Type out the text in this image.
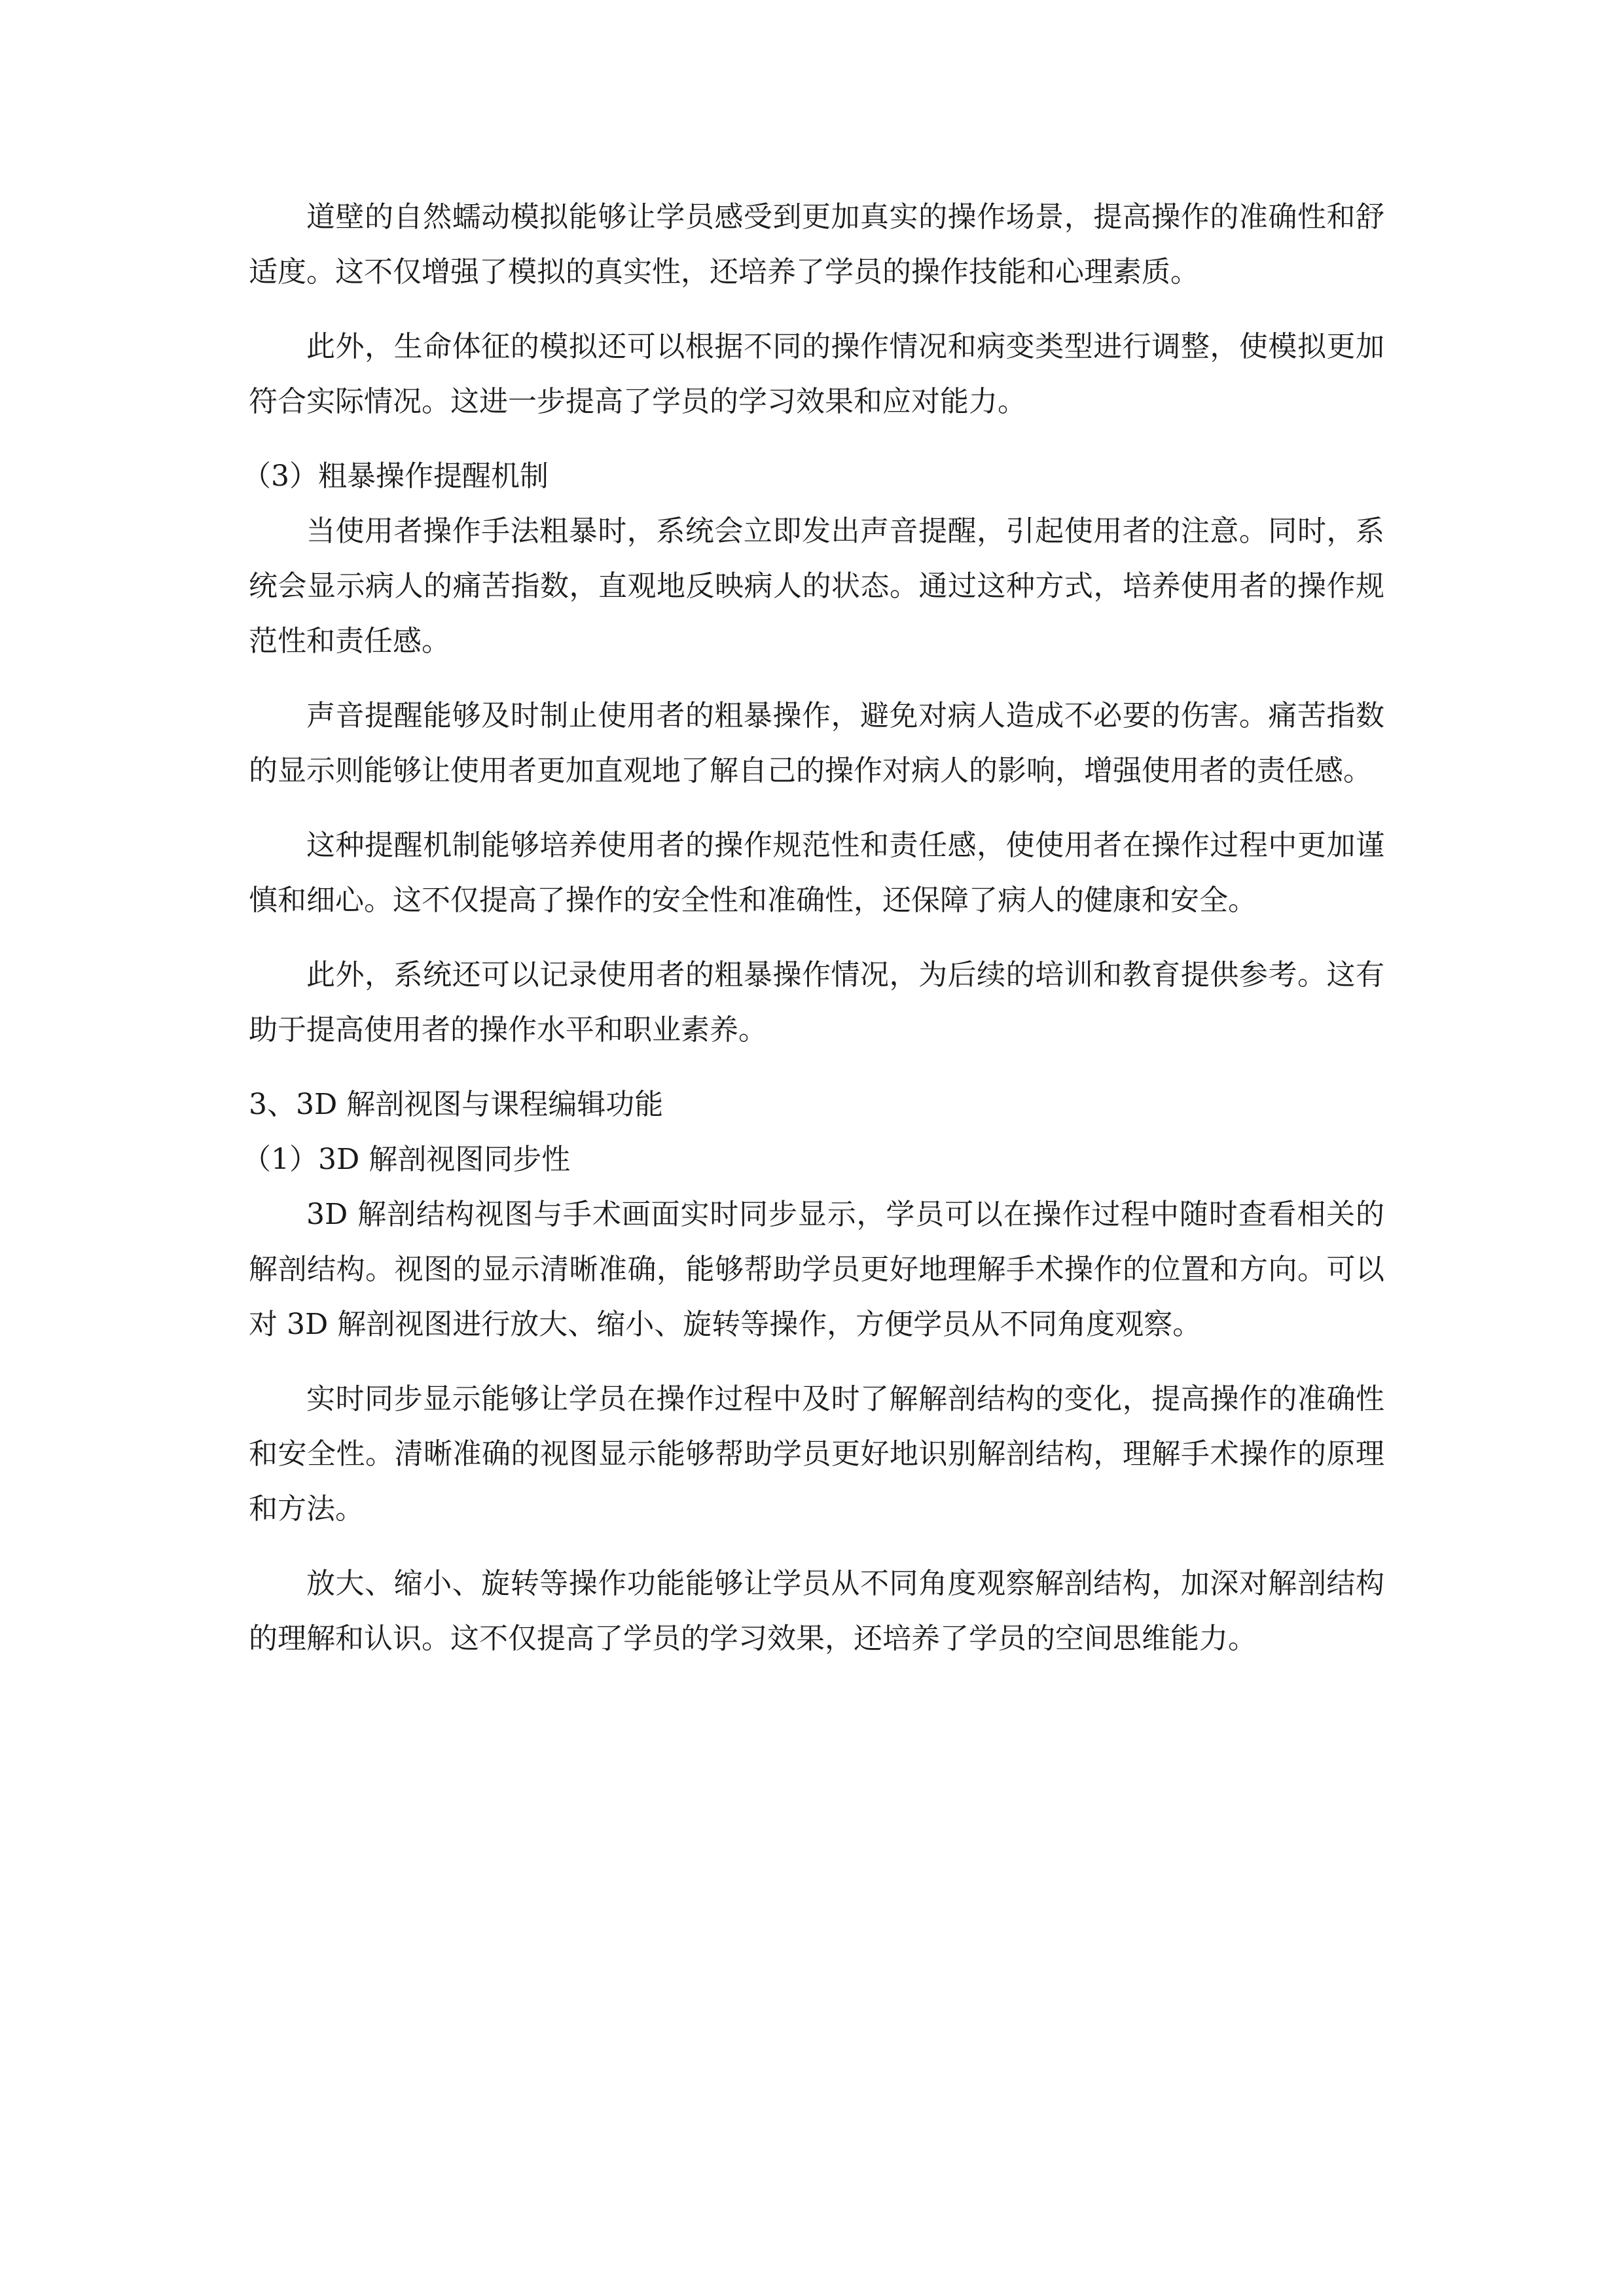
道壁的自然蠕动模拟能够让学员感受到更加真实的操作场景，提高操作的准确性和舒适度。这不仅增强了模拟的真实性，还培养了学员的操作技能和心理素质。

此外，生命体征的模拟还可以根据不同的操作情况和病变类型进行调整，使模拟更加符合实际情况。这进一步提高了学员的学习效果和应对能力。

（3）粗暴操作提醒机制

当使用者操作手法粗暴时，系统会立即发出声音提醒，引起使用者的注意。同时，系统会显示病人的痛苦指数，直观地反映病人的状态。通过这种方式，培养使用者的操作规范性和责任感。

声音提醒能够及时制止使用者的粗暴操作，避免对病人造成不必要的伤害。痛苦指数的显示则能够让使用者更加直观地了解自己的操作对病人的影响，增强使用者的责任感。

这种提醒机制能够培养使用者的操作规范性和责任感，使使用者在操作过程中更加谨慎和细心。这不仅提高了操作的安全性和准确性，还保障了病人的健康和安全。

此外，系统还可以记录使用者的粗暴操作情况，为后续的培训和教育提供参考。这有助于提高使用者的操作水平和职业素养。

3、3D 解剖视图与课程编辑功能

（1）3D 解剖视图同步性

3D 解剖结构视图与手术画面实时同步显示，学员可以在操作过程中随时查看相关的解剖结构。视图的显示清晰准确，能够帮助学员更好地理解手术操作的位置和方向。可以对 3D 解剖视图进行放大、缩小、旋转等操作，方便学员从不同角度观察。

实时同步显示能够让学员在操作过程中及时了解解剖结构的变化，提高操作的准确性和安全性。清晰准确的视图显示能够帮助学员更好地识别解剖结构，理解手术操作的原理和方法。

放大、缩小、旋转等操作功能能够让学员从不同角度观察解剖结构，加深对解剖结构的理解和认识。这不仅提高了学员的学习效果，还培养了学员的空间思维能力。
